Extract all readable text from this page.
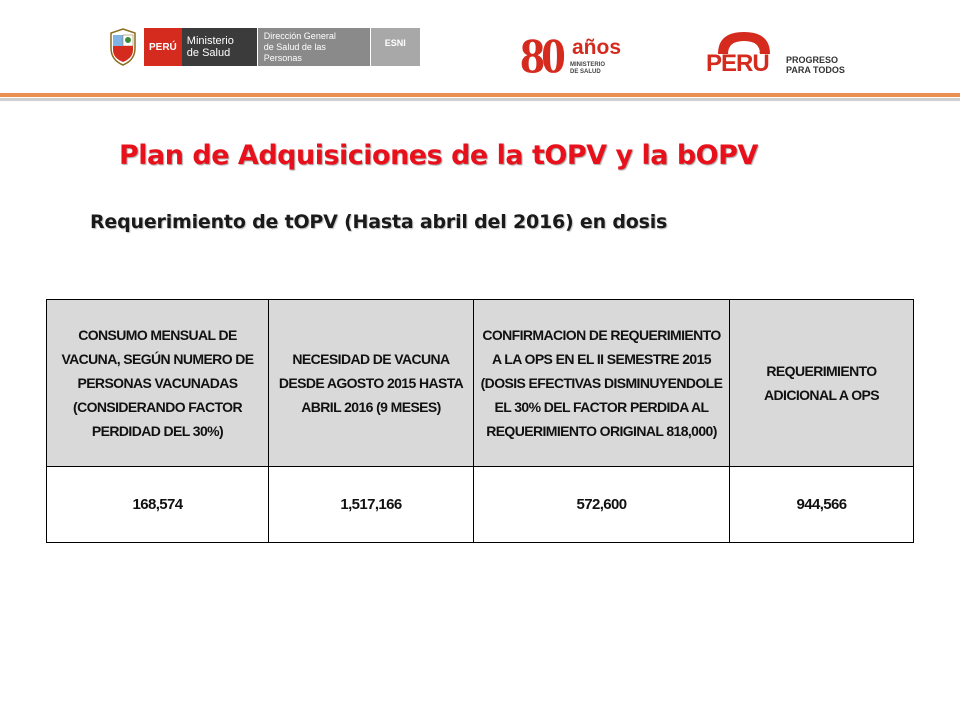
PERÚ Ministerio
de Salud
Dirección General
de Salud de las Personas
ESNI 80 años
MINISTERIO
DE SALUD	PERÚ PROGRESO
PARA TODOS
Plan de Adquisiciones de la tOPV y la bOPV
Requerimiento de tOPV (Hasta abril del 2016) en dosis
CONSUMO MENSUAL DE VACUNA, SEGÚN NUMERO DE PERSONAS VACUNADAS (CONSIDERANDO FACTOR PERDIDAD DEL 30%)	NECESIDAD DE VACUNA DESDE AGOSTO 2015 HASTA ABRIL 2016 (9 MESES)	CONFIRMACION DE REQUERIMIENTO A LA OPS EN EL II SEMESTRE 2015 (DOSIS EFECTIVAS DISMINUYENDOLE EL 30% DEL FACTOR PERDIDA AL REQUERIMIENTO ORIGINAL 818,000)	REQUERIMIENTO ADICIONAL A OPS
168,574	1,517,166	572,600	944,566
